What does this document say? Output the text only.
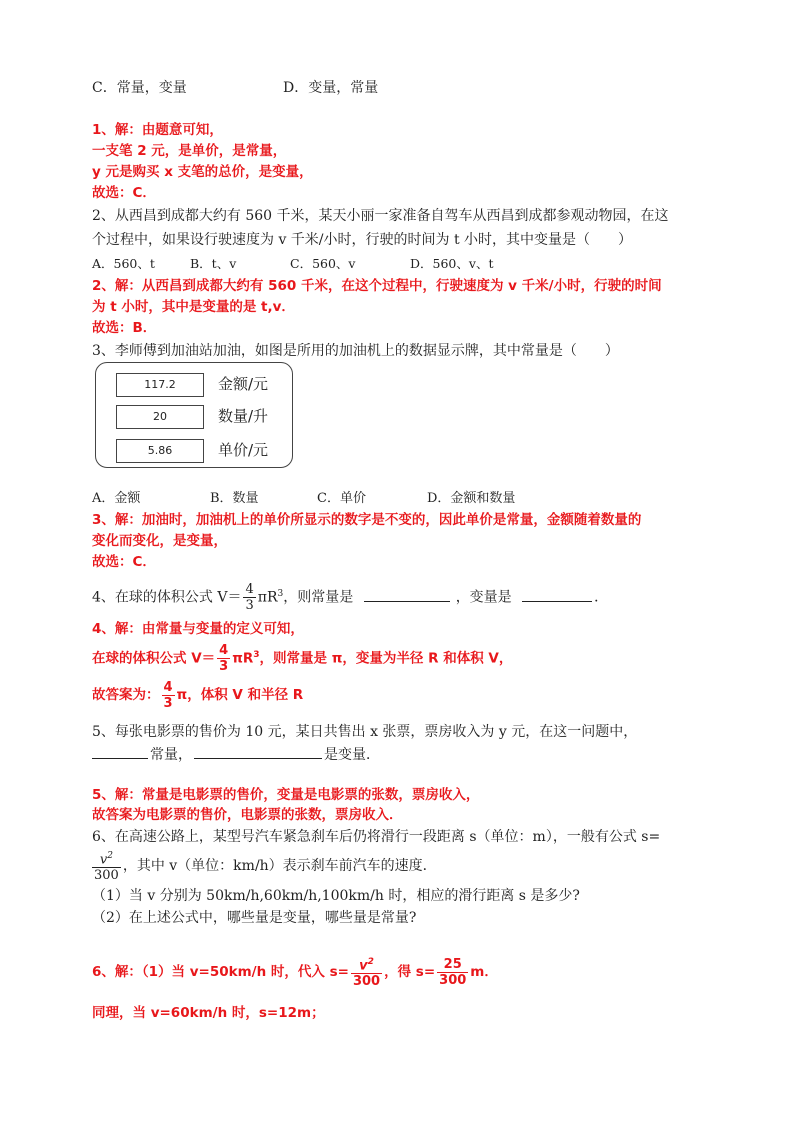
C．常量，变量	D．变量，常量
1、解：由题意可知，
一支笔 2 元，是单价，是常量，
y 元是购买 x 支笔的总价，是变量，
故选：C．
2、从西昌到成都大约有 560 千米，某天小丽一家准备自驾车从西昌到成都参观动物园，在这
个过程中，如果设行驶速度为 v 千米/小时，行驶的时间为 t 小时，其中变量是（　　）
A．560、t	B．t、v	C．560、v	D．560、v、t
2、解：从西昌到成都大约有 560 千米，在这个过程中，行驶速度为 v 千米/小时，行驶的时间
为 t 小时，其中是变量的是 t,v．
故选：B．
3、李师傅到加油站加油，如图是所用的加油机上的数据显示牌，其中常量是（　　）
117.2	金额/元
20	数量/升
5.86	单价/元
A．金额	B．数量	C．单价	D．金额和数量
3、解：加油时，加油机上的单价所显示的数字是不变的，因此单价是常量，金额随着数量的
变化而变化，是变量，
故选：C．
4、在球的体积公式 $V= \frac{4}{3} \pi R^3$，则常量是	，变量是	．
4、解：由常量与变量的定义可知，
在球的体积公式 $V= \frac{4}{3} \pi R^3$，则常量是 π，变量为半径 R 和体积 V，
故答案为： $\frac{4}{3}$ π，体积 V 和半径 R
5、每张电影票的售价为 10 元，某日共售出 x 张票，票房收入为 y 元，在这一问题中，
常量，	是变量．
5、解：常量是电影票的售价，变量是电影票的张数，票房收入，
故答案为电影票的售价，电影票的张数，票房收入．
6、在高速公路上，某型号汽车紧急刹车后仍将滑行一段距离 s（单位：m），一般有公式 s=
$\frac{v^2}{300}$ ，其中 v（单位：km/h）表示刹车前汽车的速度．
（1）当 v 分别为 50km/h,60km/h,100km/h 时，相应的滑行距离 s 是多少?
（2）在上述公式中，哪些量是变量，哪些量是常量?
6、解：（1）当 v=50km/h 时，代入 $s= \frac{v^2}{300}$ ，得 $s= \frac{25}{300}$ m．
同理，当 v=60km/h 时，s=12m；
